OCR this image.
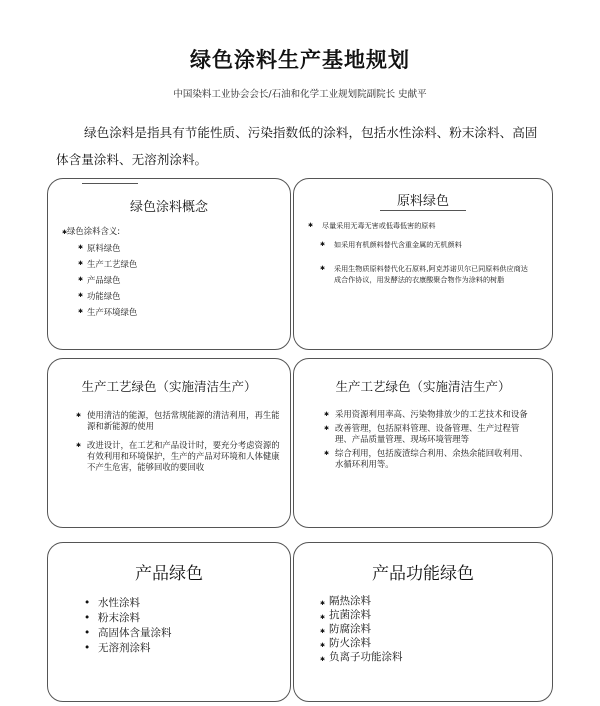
绿色涂料生产基地规划
中国染料工业协会会长/石油和化学工业规划院副院长 史献平
绿色涂料是指具有节能性质、污染指数低的涂料，包括水性涂料、粉末涂料、高固体含量涂料、无溶剂涂料。
绿色涂料概念
✱绿色涂料含义:
✱ 原料绿色
✱ 生产工艺绿色
✱ 产品绿色
✱ 功能绿色
✱ 生产环境绿色
原料绿色
✱ 尽量采用无毒无害或低毒低害的原料
✱ 如采用有机颜料替代含重金属的无机颜料
✱ 采用生物质原料替代化石原料,阿克苏诺贝尔已同原料供应商达成合作协议，用发酵法的衣康酸聚合物作为涂料的树脂
生产工艺绿色（实施清洁生产）
✱ 使用清洁的能源，包括常规能源的清洁利用，再生能源和新能源的使用
✱ 改进设计，在工艺和产品设计时，要充分考虑资源的有效利用和环境保护，生产的产品对环境和人体健康不产生危害，能够回收的要回收
生产工艺绿色（实施清洁生产）
✱ 采用资源利用率高、污染物排放少的工艺技术和设备
✱ 改善管理，包括原料管理、设备管理、生产过程管理、产品质量管理、现场环境管理等
✱ 综合利用，包括废渣综合利用、余热余能回收利用、水循环利用等。
产品绿色
• 水性涂料
• 粉末涂料
• 高固体含量涂料
• 无溶剂涂料
产品功能绿色
✱ 隔热涂料
✱ 抗菌涂料
✱ 防腐涂料
✱ 防火涂料
✱ 负离子功能涂料
